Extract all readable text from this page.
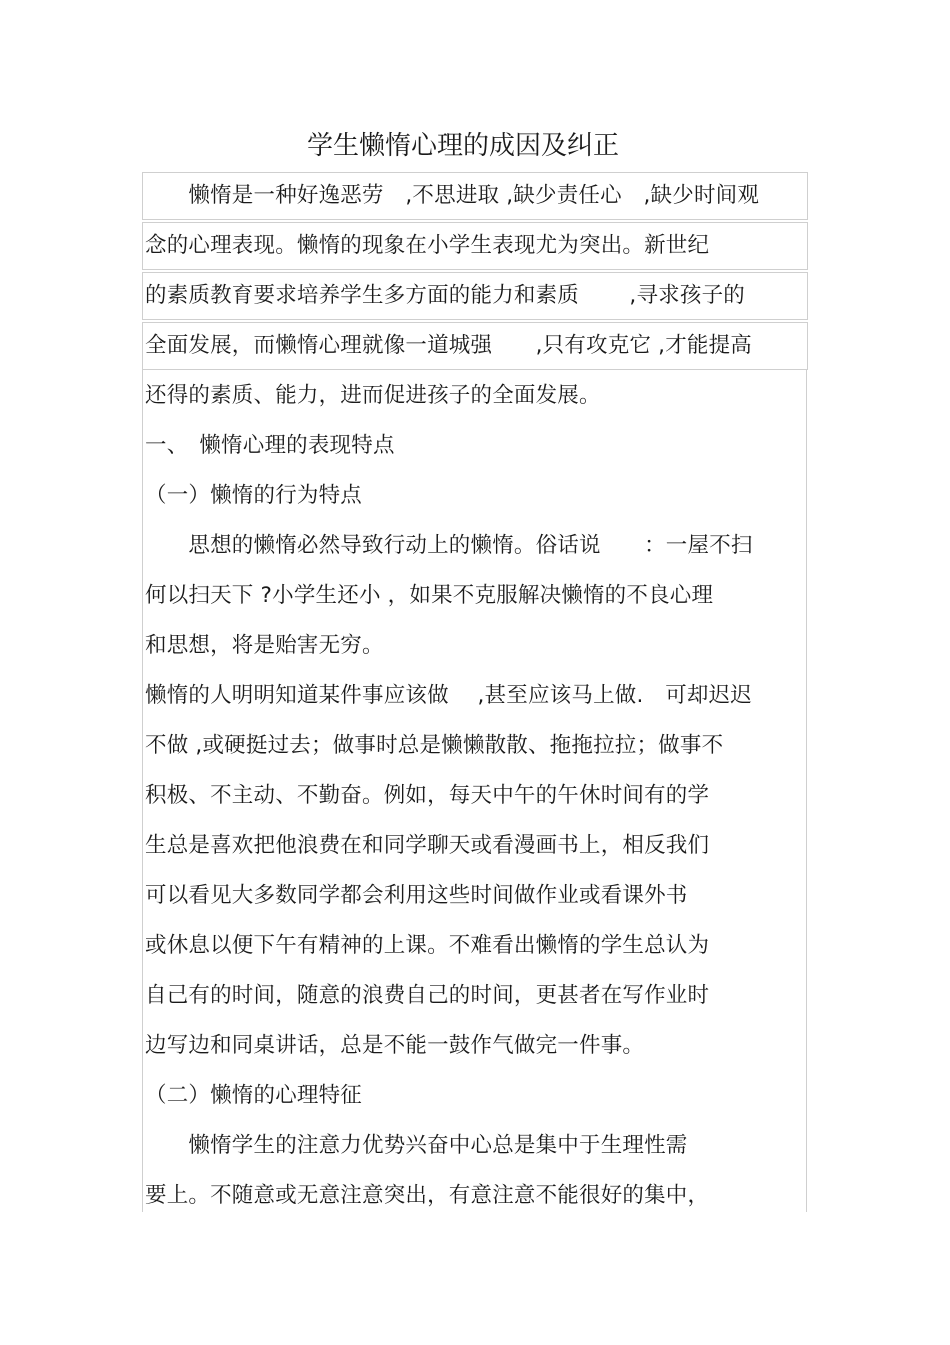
学生懒惰心理的成因及纠正
　　懒惰是一种好逸恶劳　,不思进取 ,缺少责任心　,缺少时间观
念的心理表现。懒惰的现象在小学生表现尤为突出。新世纪
的素质教育要求培养学生多方面的能力和素质　　 ,寻求孩子的
全面发展，而懒惰心理就像一道城强　　,只有攻克它 ,才能提高
还得的素质、能力，进而促进孩子的全面发展。
一、　懒惰心理的表现特点
（一）懒惰的行为特点
　　思想的懒惰必然导致行动上的懒惰。俗话说　　：一屋不扫
何以扫天下 ?小学生还小 ，如果不克服解决懒惰的不良心理
和思想，将是贻害无穷。
懒惰的人明明知道某件事应该做　 ,甚至应该马上做.　可却迟迟
不做 ,或硬挺过去；做事时总是懒懒散散、拖拖拉拉；做事不
积极、不主动、不勤奋。例如，每天中午的午休时间有的学
生总是喜欢把他浪费在和同学聊天或看漫画书上，相反我们
可以看见大多数同学都会利用这些时间做作业或看课外书
或休息以便下午有精神的上课。不难看出懒惰的学生总认为
自己有的时间，随意的浪费自己的时间，更甚者在写作业时
边写边和同桌讲话，总是不能一鼓作气做完一件事。
（二）懒惰的心理特征
　　懒惰学生的注意力优势兴奋中心总是集中于生理性需
要上。不随意或无意注意突出，有意注意不能很好的集中，
